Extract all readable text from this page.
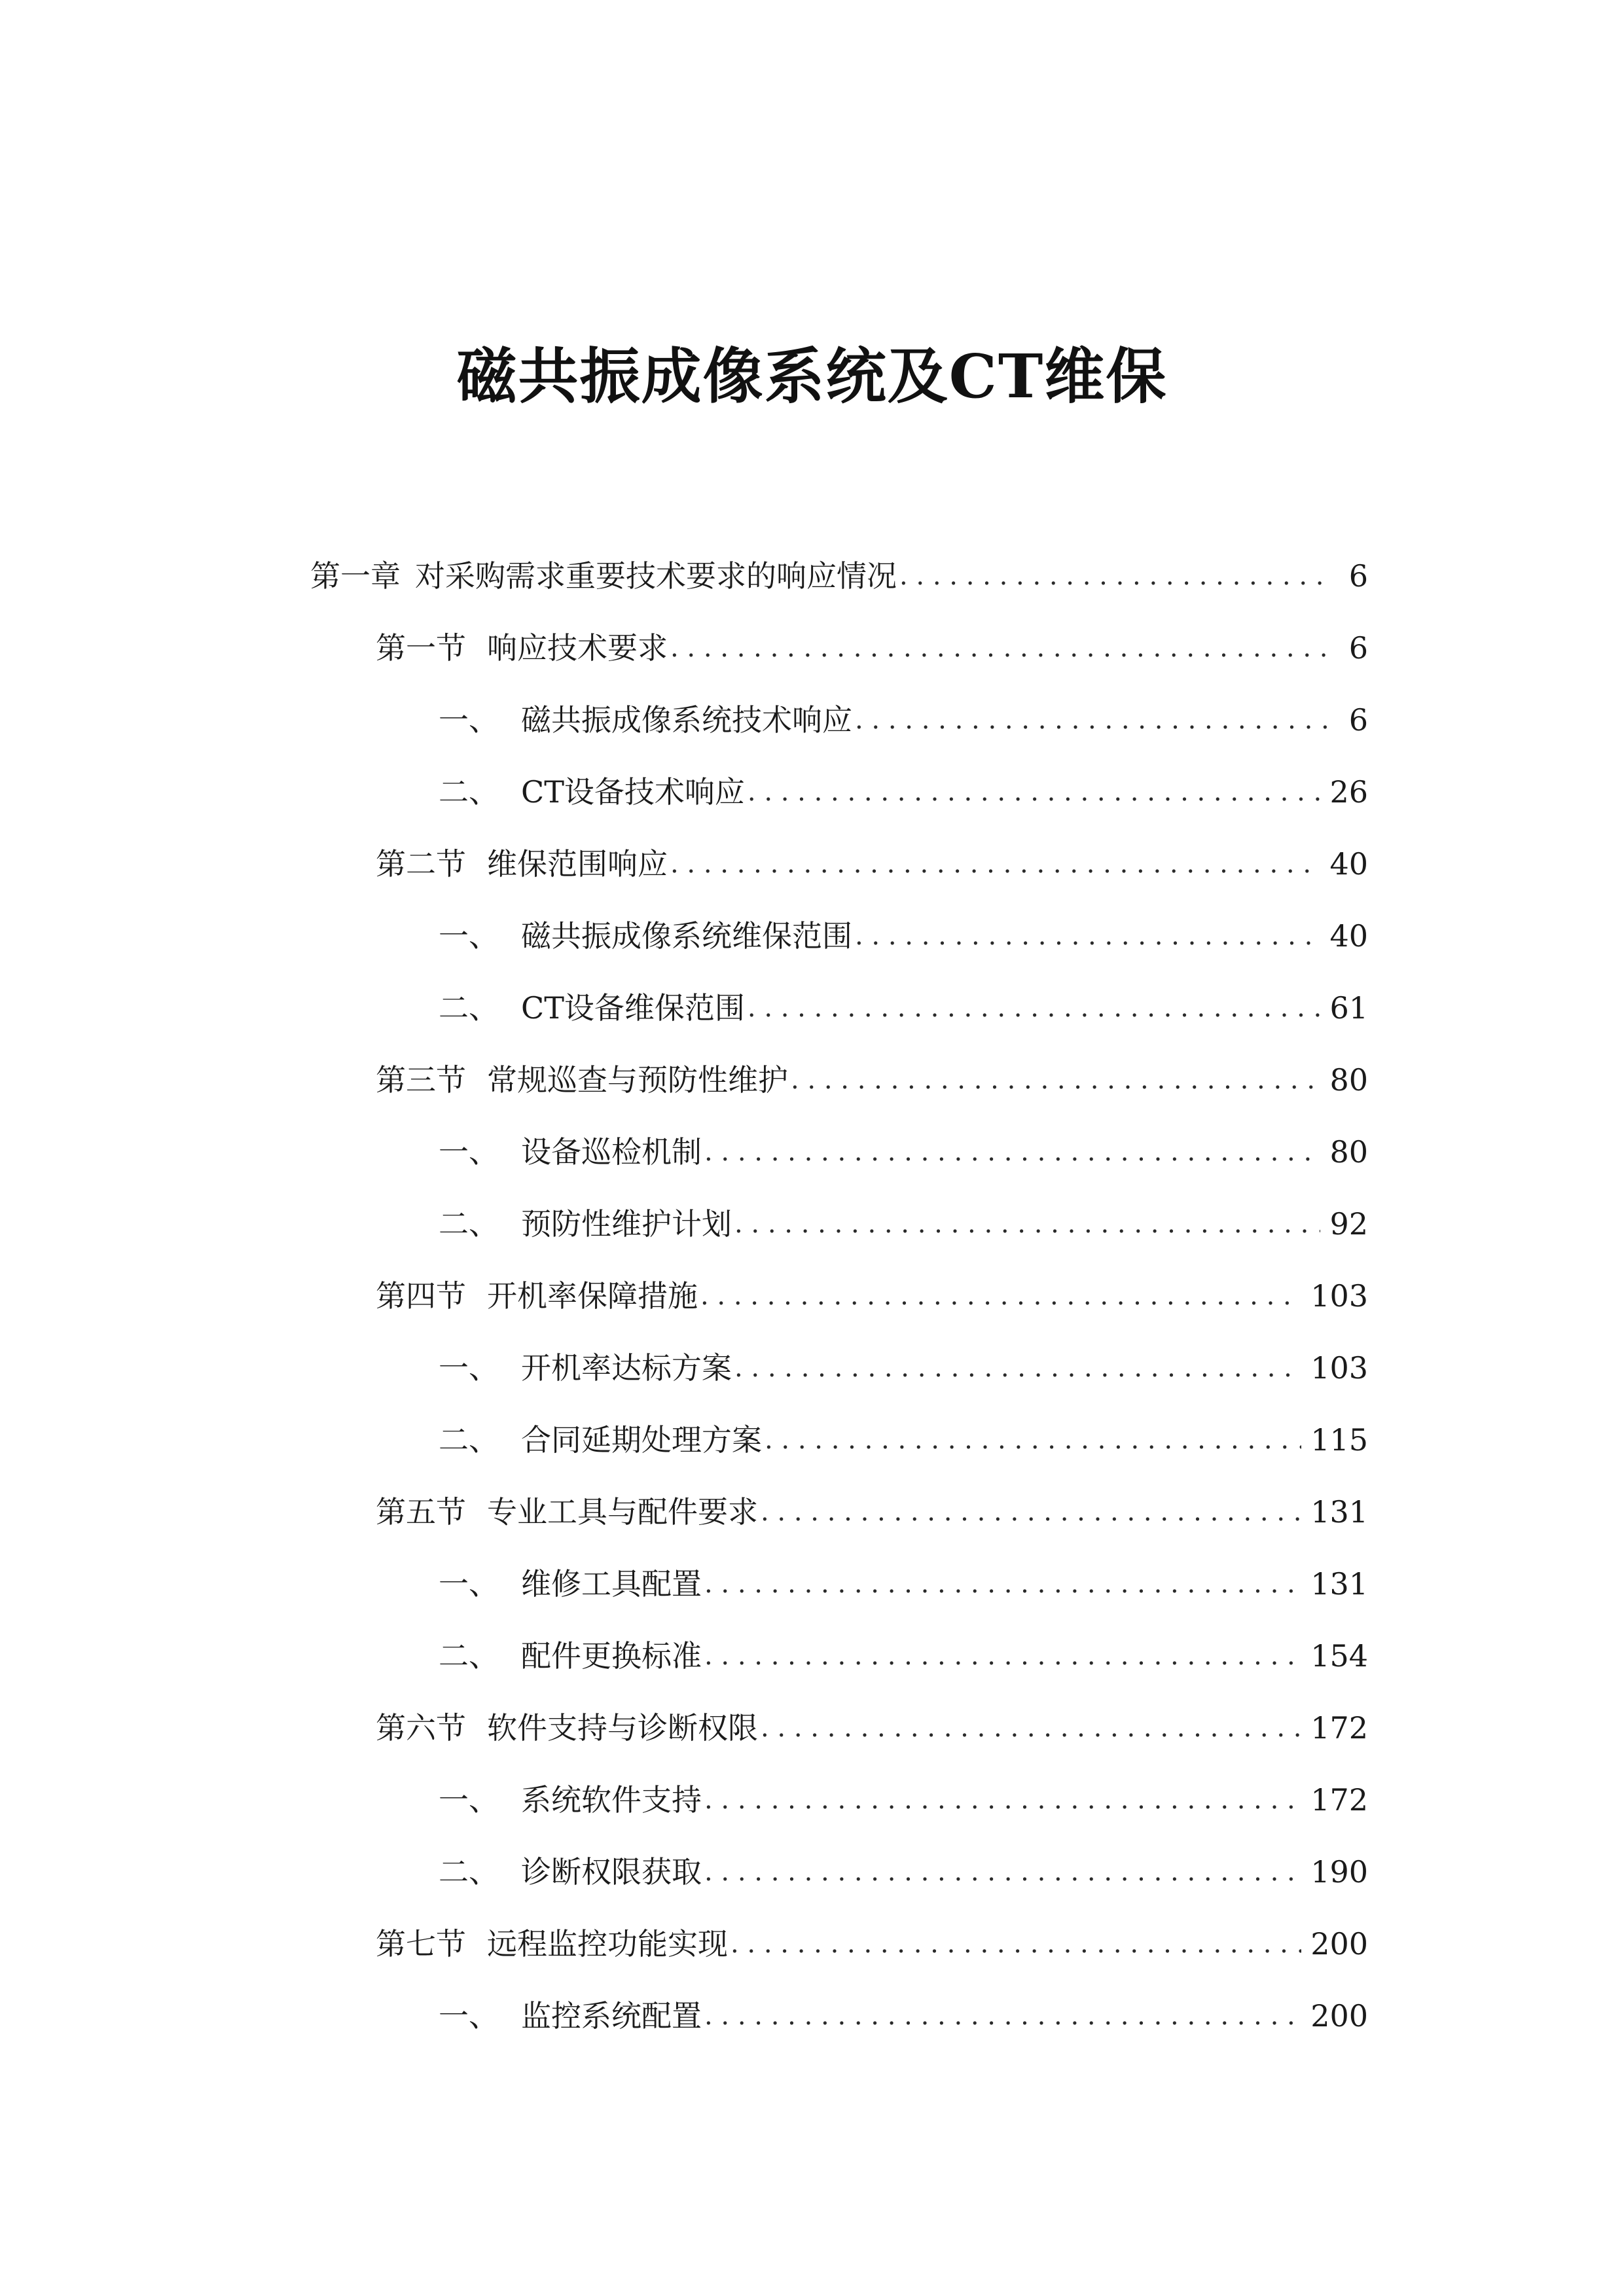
磁共振成像系统及CT维保
第一章 对采购需求重要技术要求的响应情况 . . .	6
第一节 响应技术要求 . . .	6
一、 磁共振成像系统技术响应 . . .	6
二、 CT设备技术响应 . . .	26
第二节 维保范围响应 . . .	40
一、 磁共振成像系统维保范围 . . .	40
二、 CT设备维保范围 . . .	61
第三节 常规巡查与预防性维护 . . .	80
一、 设备巡检机制 . . .	80
二、 预防性维护计划 . . .	92
第四节 开机率保障措施 . . .	103
一、 开机率达标方案 . . .	103
二、 合同延期处理方案 . . .	115
第五节 专业工具与配件要求 . . .	131
一、 维修工具配置 . . .	131
二、 配件更换标准 . . .	154
第六节 软件支持与诊断权限 . . .	172
一、 系统软件支持 . . .	172
二、 诊断权限获取 . . .	190
第七节 远程监控功能实现 . . .	200
一、 监控系统配置 . . .	200
